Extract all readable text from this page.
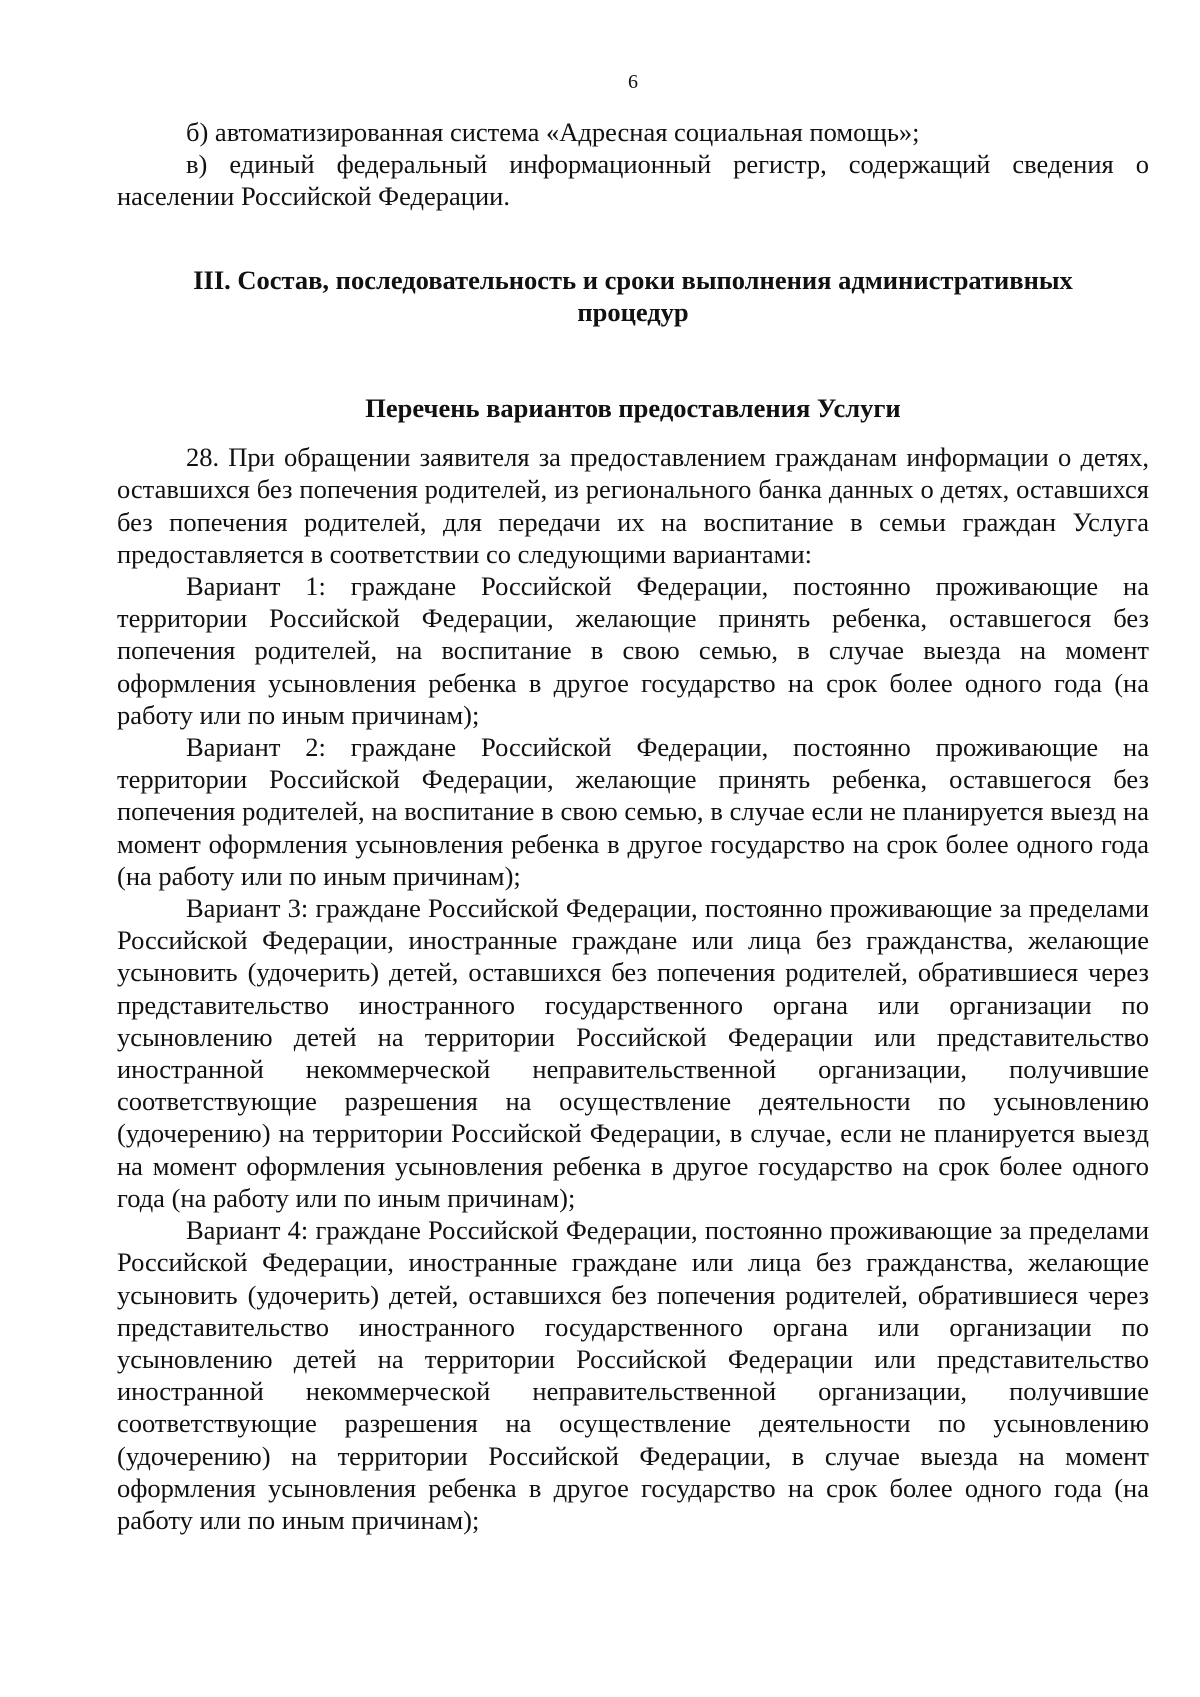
6

б) автоматизированная система «Адресная социальная помощь»;

в) единый федеральный информационный регистр, содержащий сведения о населении Российской Федерации.

III. Состав, последовательность и сроки выполнения административных процедур
Перечень вариантов предоставления Услуги

28. При обращении заявителя за предоставлением гражданам информации о детях, оставшихся без попечения родителей, из регионального банка данных о детях, оставшихся без попечения родителей, для передачи их на воспитание в семьи граждан Услуга предоставляется в соответствии со следующими вариантами:

Вариант 1: граждане Российской Федерации, постоянно проживающие на территории Российской Федерации, желающие принять ребенка, оставшегося без попечения родителей, на воспитание в свою семью, в случае выезда на момент оформления усыновления ребенка в другое государство на срок более одного года (на работу или по иным причинам);

Вариант 2: граждане Российской Федерации, постоянно проживающие на территории Российской Федерации, желающие принять ребенка, оставшегося без попечения родителей, на воспитание в свою семью, в случае если не планируется выезд на момент оформления усыновления ребенка в другое государство на срок более одного года (на работу или по иным причинам);

Вариант 3: граждане Российской Федерации, постоянно проживающие за пределами Российской Федерации, иностранные граждане или лица без гражданства, желающие усыновить (удочерить) детей, оставшихся без попечения родителей, обратившиеся через представительство иностранного государственного органа или организации по усыновлению детей на территории Российской Федерации или представительство иностранной некоммерческой неправительственной организации, получившие соответствующие разрешения на осуществление деятельности по усыновлению (удочерению) на территории Российской Федерации, в случае, если не планируется выезд на момент оформления усыновления ребенка в другое государство на срок более одного года (на работу или по иным причинам);

Вариант 4: граждане Российской Федерации, постоянно проживающие за пределами Российской Федерации, иностранные граждане или лица без гражданства, желающие усыновить (удочерить) детей, оставшихся без попечения родителей, обратившиеся через представительство иностранного государственного органа или организации по усыновлению детей на территории Российской Федерации или представительство иностранной некоммерческой неправительственной организации, получившие соответствующие разрешения на осуществление деятельности по усыновлению (удочерению) на территории Российской Федерации, в случае выезда на момент оформления усыновления ребенка в другое государство на срок более одного года (на работу или по иным причинам);
